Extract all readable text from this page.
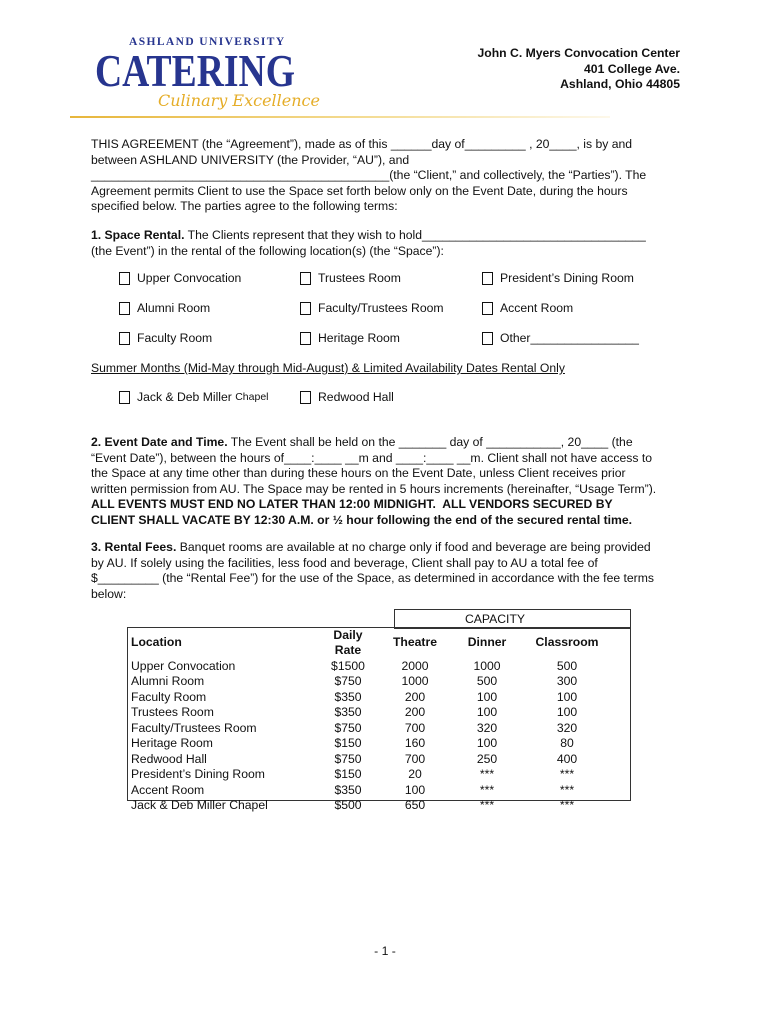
ASHLAND UNIVERSITY
CATERING
Culinary Excellence
John C. Myers Convocation Center
401 College Ave.
Ashland, Ohio 44805

THIS AGREEMENT (the “Agreement”), made as of this ______day of_________ , 20____, is by and

between ASHLAND UNIVERSITY (the Provider, “AU”), and

____________________________________________(the “Client,” and collectively, the “Parties”). The

Agreement permits Client to use the Space set forth below only on the Event Date, during the hours

specified below. The parties agree to the following terms:

1. Space Rental. The Clients represent that they wish to hold_________________________________

(the Event”) in the rental of the following location(s) (the “Space”):

Upper Convocation	Trustees Room	President’s Dining Room
Alumni Room	Faculty/Trustees Room	Accent Room
Faculty Room	Heritage Room	Other________________

Summer Months (Mid-May through Mid-August) & Limited Availability Dates Rental Only

Jack & Deb Miller
Chapel	Redwood Hall

2. Event Date and Time. The Event shall be held on the _______ day of ___________, 20____ (the

“Event Date”), between the hours of____:____ __m and ____:____ __m. Client shall not have access to

the Space at any time other than during these hours on the Event Date, unless Client receives prior

written permission from AU. The Space may be rented in 5 hours increments (hereinafter, “Usage Term”).

ALL EVENTS MUST END NO LATER THAN 12:00 MIDNIGHT.  ALL VENDORS SECURED BY

CLIENT SHALL VACATE BY 12:30 A.M. or ½ hour following the end of the secured rental time.

3. Rental Fees. Banquet rooms are available at no charge only if food and beverage are being provided

by AU. If solely using the facilities, less food and beverage, Client shall pay to AU a total fee of

$_________ (the “Rental Fee”) for the use of the Space, as determined in accordance with the fee terms

below:

		CAPACITY		
Location	Daily Rate	Theatre	Dinner	Classroom
Upper Convocation	$1500	2000	1000	500
Alumni Room	$750	1000	500	300
Faculty Room	$350	200	100	100
Trustees Room	$350	200	100	100
Faculty/Trustees Room	$750	700	320	320
Heritage Room	$150	160	100	80
Redwood Hall	$750	700	250	400
President’s Dining Room	$150	20	***	***
Accent Room	$350	100	***	***
Jack & Deb Miller Chapel	$500	650	***	***
- 1 -
